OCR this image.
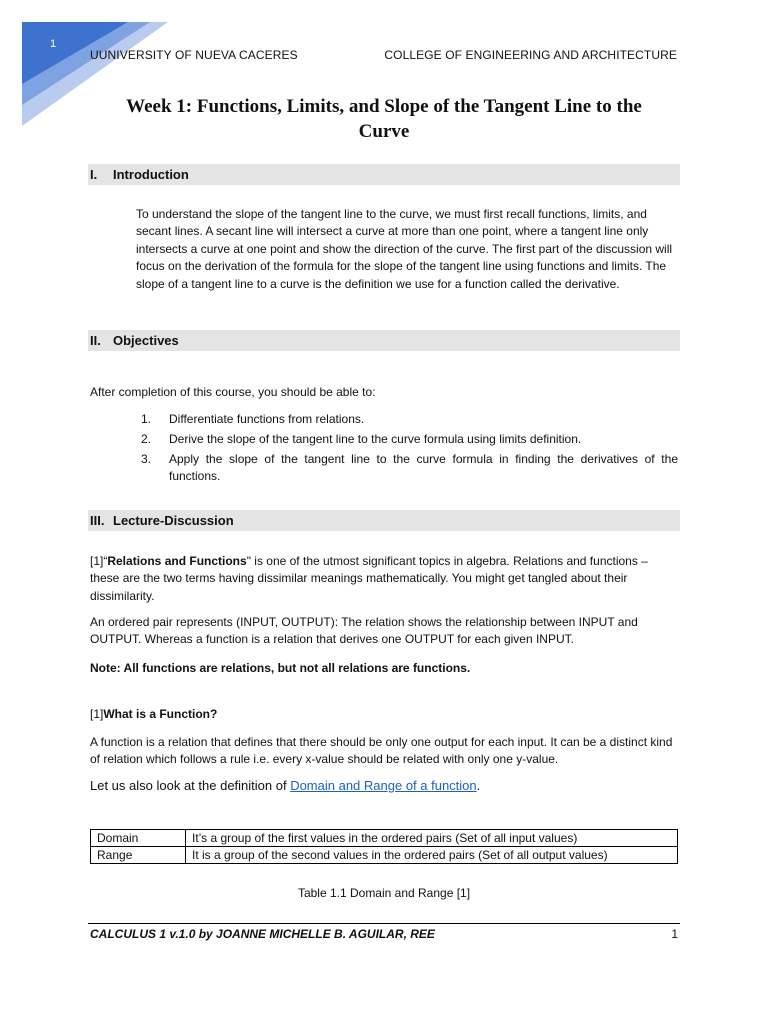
1
UUNIVERSITY OF NUEVA CACERES	COLLEGE OF ENGINEERING AND ARCHITECTURE
Week 1: Functions, Limits, and Slope of the Tangent Line to the
Curve
I. Introduction
To understand the slope of the tangent line to the curve, we must first recall functions, limits, and secant lines. A secant line will intersect a curve at more than one point, where a tangent line only intersects a curve at one point and show the direction of the curve. The first part of the discussion will focus on the derivation of the formula for the slope of the tangent line using functions and limits. The slope of a tangent line to a curve is the definition we use for a function called the derivative.
II. Objectives
After completion of this course, you should be able to:
1. Differentiate functions from relations.
2. Derive the slope of the tangent line to the curve formula using limits definition.
3. Apply the slope of the tangent line to the curve formula in finding the derivatives of the functions.
III. Lecture-Discussion
[1]“Relations and Functions" is one of the utmost significant topics in algebra. Relations and functions – these are the two terms having dissimilar meanings mathematically. You might get tangled about their dissimilarity.
An ordered pair represents (INPUT, OUTPUT): The relation shows the relationship between INPUT and OUTPUT. Whereas a function is a relation that derives one OUTPUT for each given INPUT.
Note: All functions are relations, but not all relations are functions.
[1]What is a Function?
A function is a relation that defines that there should be only one output for each input. It can be a distinct kind of relation which follows a rule i.e. every x-value should be related with only one y-value.
Let us also look at the definition of Domain and Range of a function.
Domain	It’s a group of the first values in the ordered pairs (Set of all input values)
Range	It is a group of the second values in the ordered pairs (Set of all output values)
Table 1.1 Domain and Range [1]
CALCULUS 1 v.1.0 by JOANNE MICHELLE B. AGUILAR, REE	1
